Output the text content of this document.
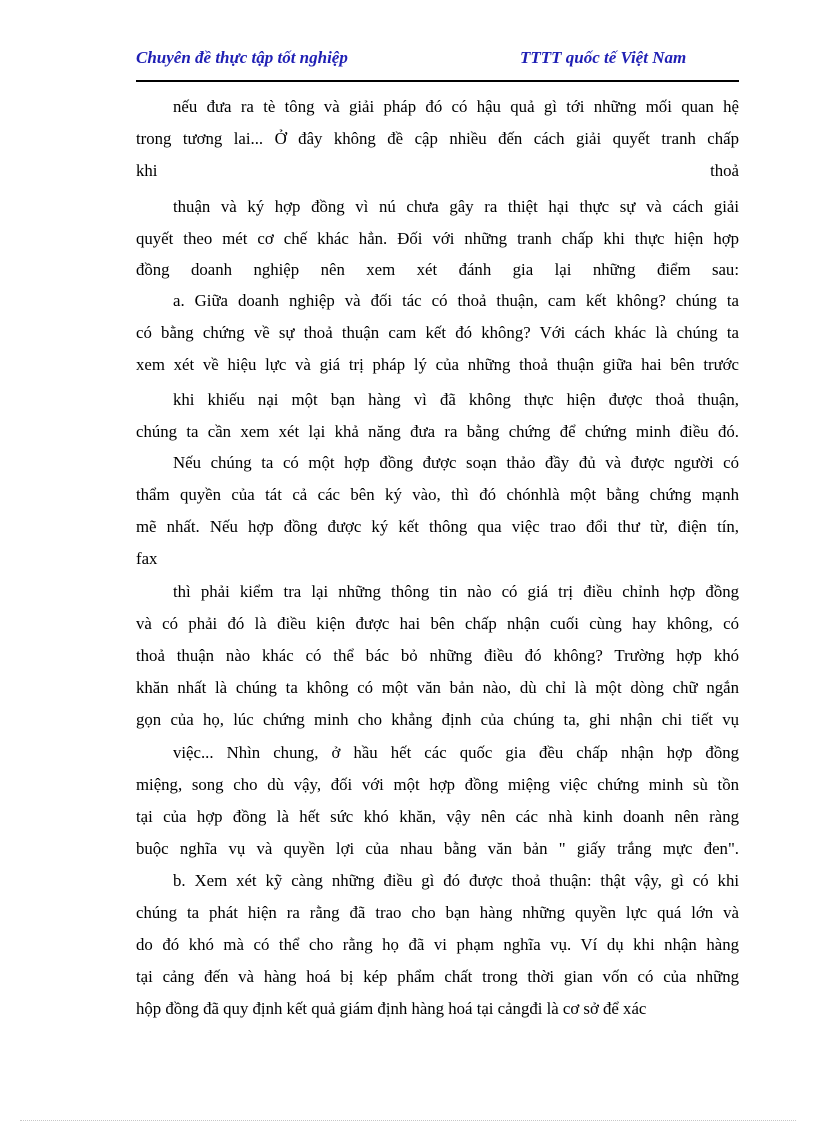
Chuyên đề thực tập tốt nghiệp	TTTT quốc tế Việt Nam
nếu đưa ra tè tông và giải pháp đó có hậu quả gì tới những mối quan hệ
trong tương lai... Ở đây không đề cập nhiều đến cách giải quyết tranh chấp
khi	thoả
thuận và ký hợp đồng vì nú chưa gây ra thiệt hại thực sự và cách giải
quyết theo mét cơ chế khác hẳn. Đối với những tranh chấp khi thực hiện hợp
đồng doanh nghiệp nên xem xét đánh gia lại những điểm sau:
a. Giữa doanh nghiệp và đối tác có thoả thuận, cam kết không? chúng ta
có bằng chứng về sự thoả thuận cam kết đó không? Với cách khác là chúng ta
xem xét về hiệu lực và giá trị pháp lý của những thoả thuận giữa hai bên trước
khi khiếu nại một bạn hàng vì đã không thực hiện được thoả thuận,
chúng ta cần xem xét lại khả năng đưa ra bằng chứng để chứng minh điều đó.
Nếu chúng ta có một hợp đồng được soạn thảo đầy đủ và được người có
thẩm quyền của tát cả các bên ký vào, thì đó chónhlà một bằng chứng mạnh
mẽ nhất. Nếu hợp đồng được ký kết thông qua việc trao đổi thư từ, điện tín,
fax
thì phải kiểm tra lại những thông tin nào có giá trị điều chỉnh hợp đồng
và có phải đó là điều kiện được hai bên chấp nhận cuối cùng hay không, có
thoả thuận nào khác có thể bác bỏ những điều đó không? Trường hợp khó
khăn nhất là chúng ta không có một văn bản nào, dù chỉ là một dòng chữ ngắn
gọn của họ, lúc chứng minh cho khẳng định của chúng ta, ghi nhận chi tiết vụ
việc... Nhìn chung, ở hầu hết các quốc gia đều chấp nhận hợp đồng
miệng, song cho dù vậy, đối với một hợp đồng miệng việc chứng minh sù tồn
tại của hợp đồng là hết sức khó khăn, vậy nên các nhà kinh doanh nên ràng
buộc nghĩa vụ và quyền lợi của nhau bằng văn bản " giấy trắng mực đen".
b. Xem xét kỹ càng những điều gì đó được thoả thuận: thật vậy, gì có khi
chúng ta phát hiện ra rằng đã trao cho bạn hàng những quyền lực quá lớn và
do đó khó mà có thể cho rằng họ đã vi phạm nghĩa vụ. Ví dụ khi nhận hàng
tại cảng đến và hàng hoá bị kép phẩm chất trong thời gian vốn có của những
hộp đồng đã quy định kết quả giám định hàng hoá tại cảngđi là cơ sở để xác
